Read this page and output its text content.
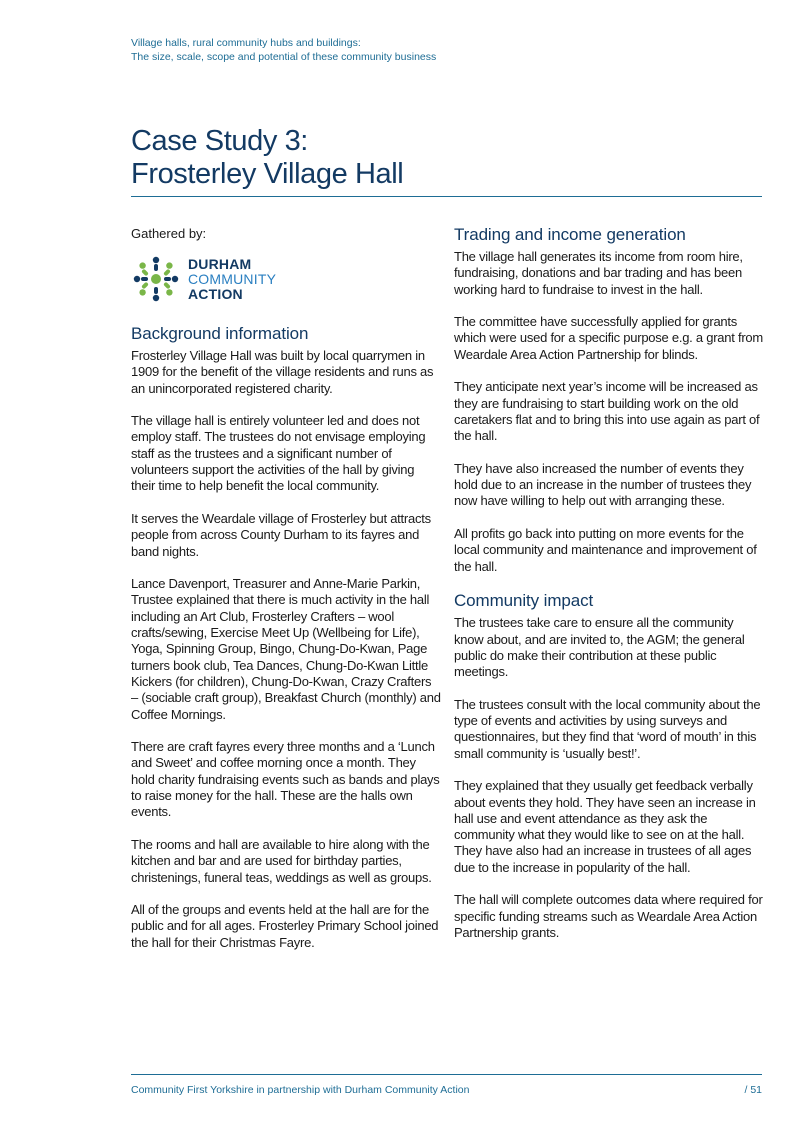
Village halls, rural community hubs and buildings:
The size, scale, scope and potential of these community business
Case Study 3:
Frosterley Village Hall
Gathered by:
DURHAM
COMMUNITY
ACTION
Background information

Frosterley Village Hall was built by local quarrymen in 1909 for the benefit of the village residents and runs as an unincorporated registered charity.

The village hall is entirely volunteer led and does not employ staff. The trustees do not envisage employing staff as the trustees and a significant number of volunteers support the activities of the hall by giving their time to help benefit the local community.

It serves the Weardale village of Frosterley but attracts people from across County Durham to its fayres and band nights.

Lance Davenport, Treasurer and Anne-Marie Parkin, Trustee explained that there is much activity in the hall including an Art Club, Frosterley Crafters – wool crafts/sewing, Exercise Meet Up (Wellbeing for Life), Yoga, Spinning Group, Bingo, Chung-Do-Kwan, Page turners book club, Tea Dances, Chung-Do-Kwan Little Kickers (for children), Chung-Do-Kwan, Crazy Crafters – (sociable craft group), Breakfast Church (monthly) and Coffee Mornings.

There are craft fayres every three months and a ‘Lunch and Sweet’ and coffee morning once a month. They hold charity fundraising events such as bands and plays to raise money for the hall. These are the halls own events.

The rooms and hall are available to hire along with the kitchen and bar and are used for birthday parties, christenings, funeral teas, weddings as well as groups.

All of the groups and events held at the hall are for the public and for all ages. Frosterley Primary School joined the hall for their Christmas Fayre.

Trading and income generation

The village hall generates its income from room hire, fundraising, donations and bar trading and has been working hard to fundraise to invest in the hall.

The committee have successfully applied for grants which were used for a specific purpose e.g. a grant from Weardale Area Action Partnership for blinds.

They anticipate next year’s income will be increased as they are fundraising to start building work on the old caretakers flat and to bring this into use again as part of the hall.

They have also increased the number of events they hold due to an increase in the number of trustees they now have willing to help out with arranging these.

All profits go back into putting on more events for the local community and maintenance and improvement of the hall.

Community impact

The trustees take care to ensure all the community know about, and are invited to, the AGM; the general public do make their contribution at these public meetings.

The trustees consult with the local community about the type of events and activities by using surveys and questionnaires, but they find that ‘word of mouth’ in this small community is ‘usually best!’.

They explained that they usually get feedback verbally about events they hold. They have seen an increase in hall use and event attendance as they ask the community what they would like to see on at the hall. They have also had an increase in trustees of all ages due to the increase in popularity of the hall.

The hall will complete outcomes data where required for specific funding streams such as Weardale Area Action Partnership grants.

Community First Yorkshire in partnership with Durham Community Action	/ 51
